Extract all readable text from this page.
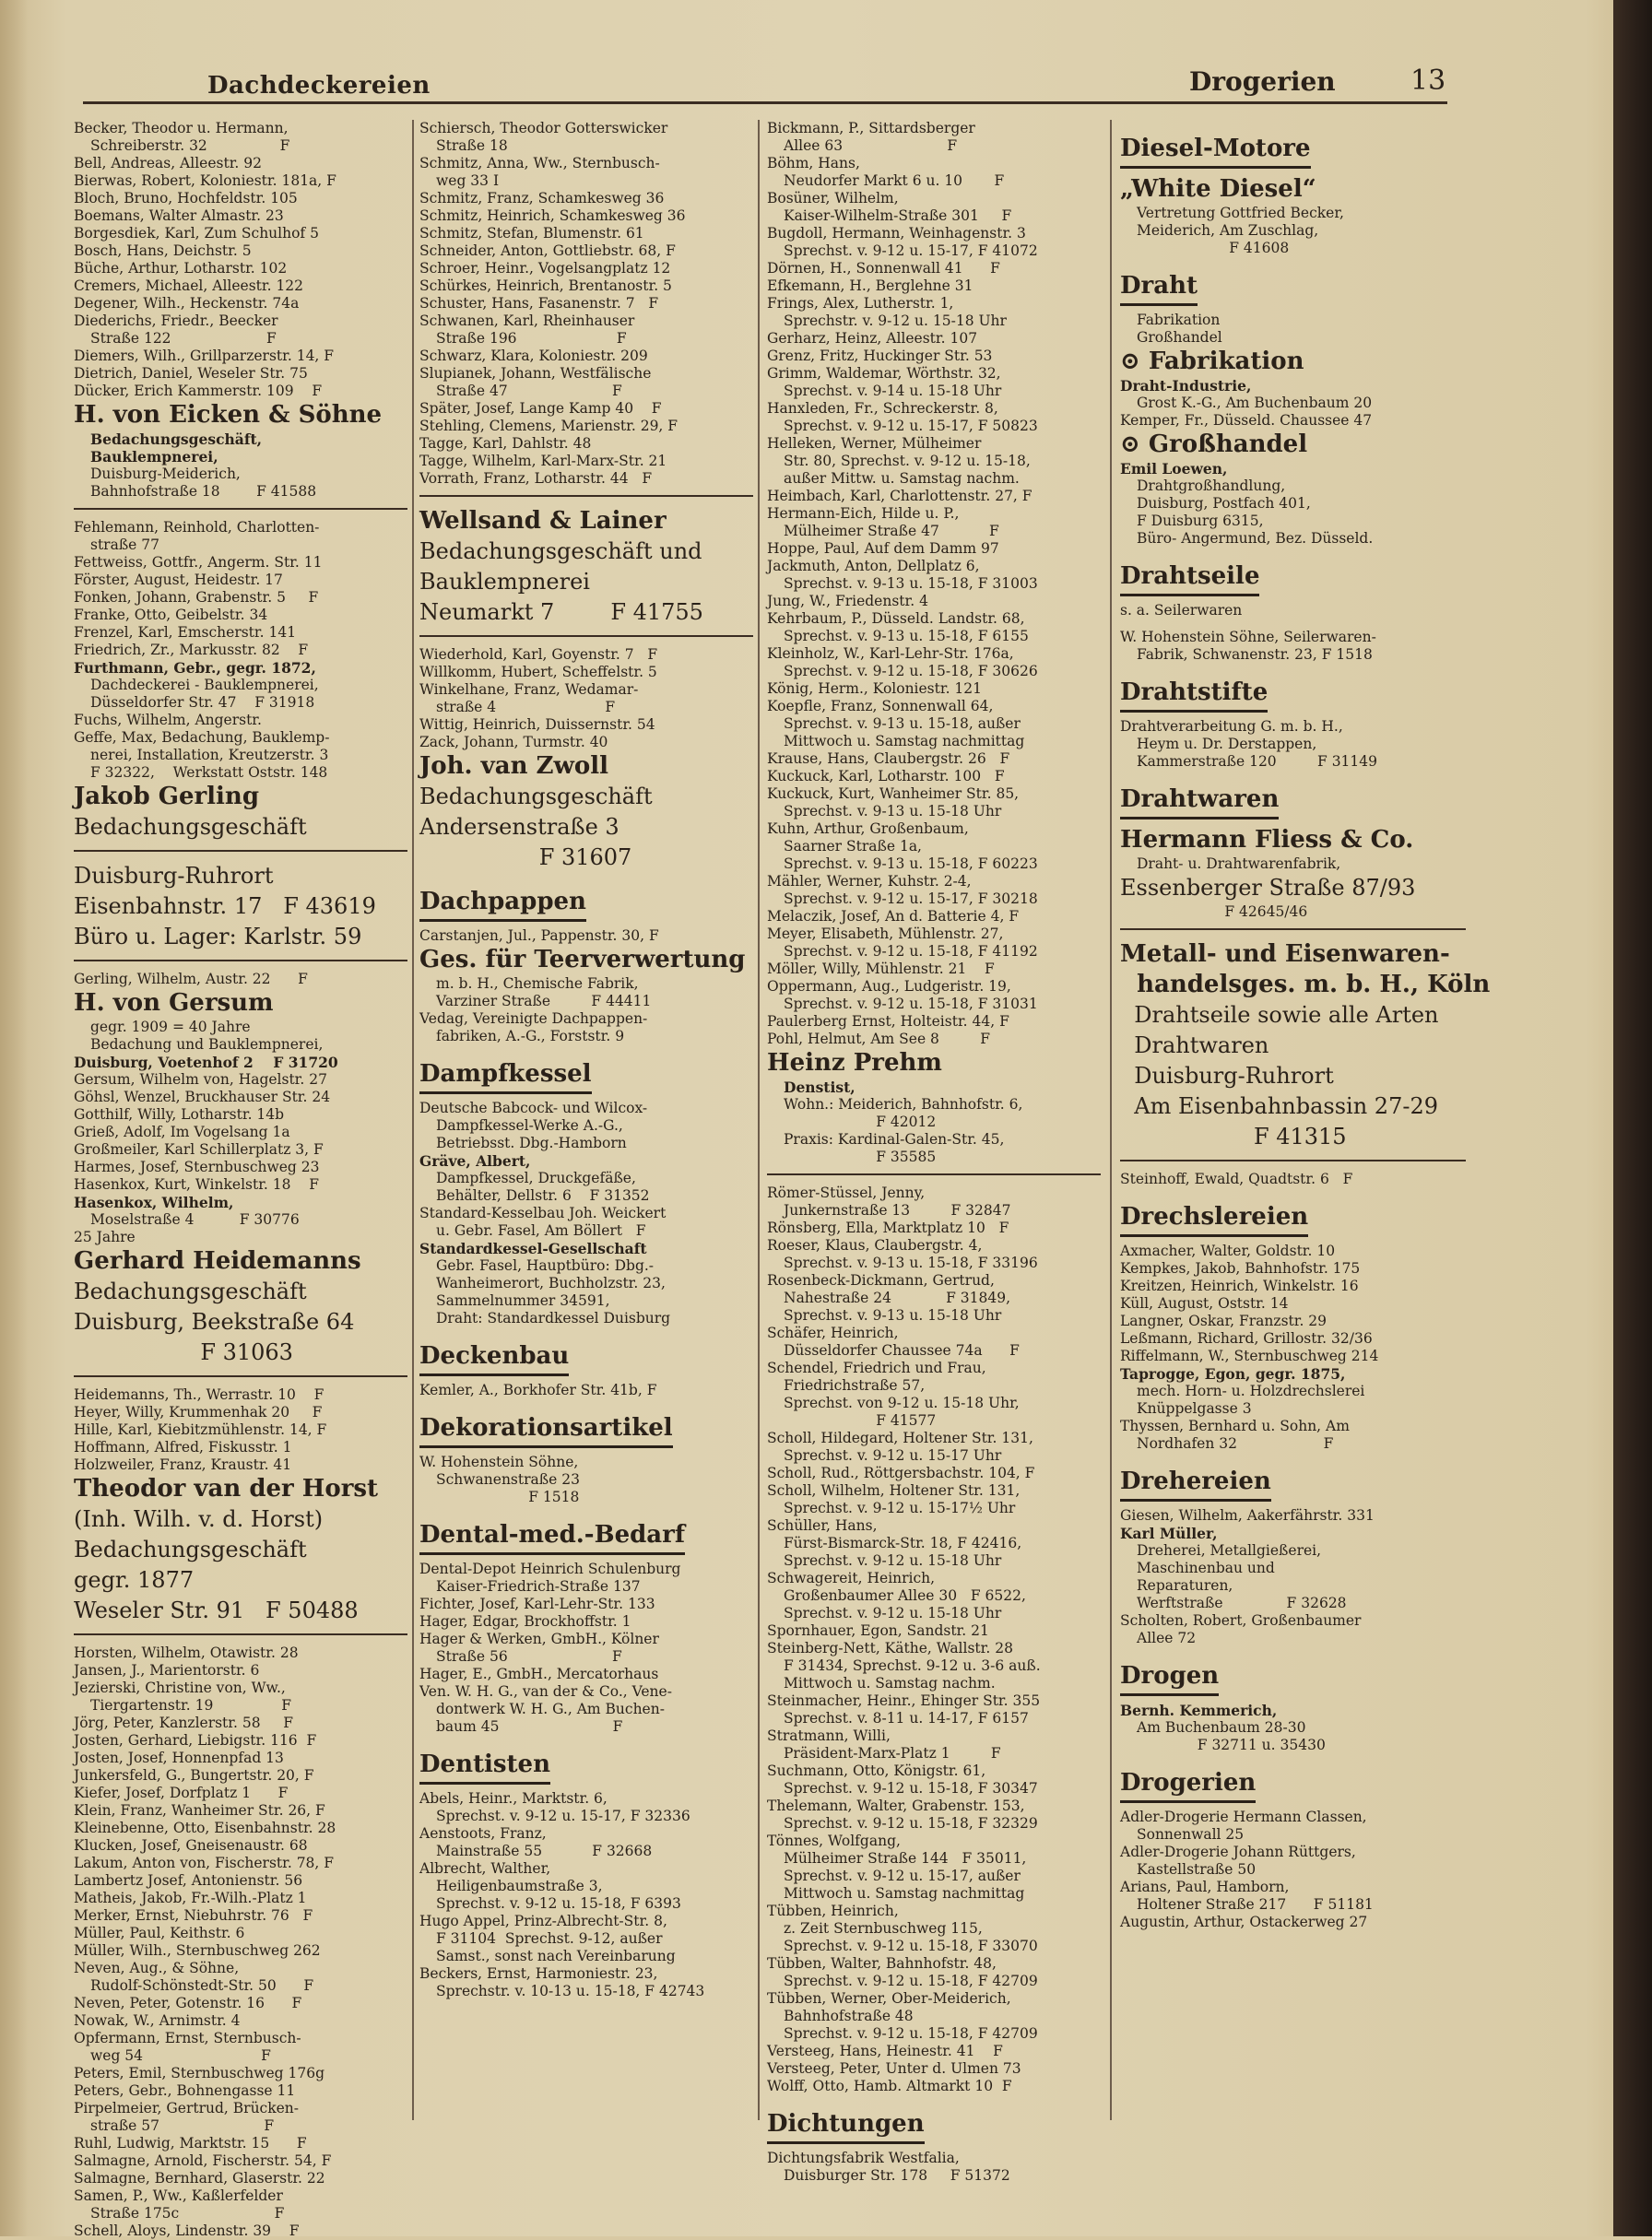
Dachdeckereien	Drogerien	13
Becker, Theodor u. Hermann,
Schreiberstr. 32                F
Bell, Andreas, Alleestr. 92
Bierwas, Robert, Koloniestr. 181a, F
Bloch, Bruno, Hochfeldstr. 105
Boemans, Walter Almastr. 23
Borgesdiek, Karl, Zum Schulhof 5
Bosch, Hans, Deichstr. 5
Büche, Arthur, Lotharstr. 102
Cremers, Michael, Alleestr. 122
Degener, Wilh., Heckenstr. 74a
Diederichs, Friedr., Beecker
Straße 122                     F
Diemers, Wilh., Grillparzerstr. 14, F
Dietrich, Daniel, Weseler Str. 75
Dücker, Erich Kammerstr. 109    F
H. von Eicken & Söhne
Bedachungsgeschäft,
Bauklempnerei,
Duisburg-Meiderich,
Bahnhofstraße 18        F 41588
Fehlemann, Reinhold, Charlotten-
straße 77
Fettweiss, Gottfr., Angerm. Str. 11
Förster, August, Heidestr. 17
Fonken, Johann, Grabenstr. 5     F
Franke, Otto, Geibelstr. 34
Frenzel, Karl, Emscherstr. 141
Friedrich, Zr., Markusstr. 82    F
Furthmann, Gebr., gegr. 1872,
Dachdeckerei - Bauklempnerei,
Düsseldorfer Str. 47    F 31918
Fuchs, Wilhelm, Angerstr.
Geffe, Max, Bedachung, Bauklemp-
nerei, Installation, Kreutzerstr. 3
F 32322,    Werkstatt Oststr. 148
Jakob Gerling
Bedachungsgeschäft
Duisburg-Ruhrort
Eisenbahnstr. 17   F 43619
Büro u. Lager: Karlstr. 59
Gerling, Wilhelm, Austr. 22      F
H. von Gersum
gegr. 1909 = 40 Jahre
Bedachung und Bauklempnerei,
Duisburg, Voetenhof 2    F 31720
Gersum, Wilhelm von, Hagelstr. 27
Göhsl, Wenzel, Bruckhauser Str. 24
Gotthilf, Willy, Lotharstr. 14b
Grieß, Adolf, Im Vogelsang 1a
Großmeiler, Karl Schillerplatz 3, F
Harmes, Josef, Sternbuschweg 23
Hasenkox, Kurt, Winkelstr. 18    F
Hasenkox, Wilhelm,
Moselstraße 4          F 30776
25 Jahre
Gerhard Heidemanns
Bedachungsgeschäft
Duisburg, Beekstraße 64
F 31063
Heidemanns, Th., Werrastr. 10    F
Heyer, Willy, Krummenhak 20     F
Hille, Karl, Kiebitzmühlenstr. 14, F
Hoffmann, Alfred, Fiskusstr. 1
Holzweiler, Franz, Kraustr. 41
Theodor van der Horst
(Inh. Wilh. v. d. Horst)
Bedachungsgeschäft
gegr. 1877
Weseler Str. 91   F 50488
Horsten, Wilhelm, Otawistr. 28
Jansen, J., Marientorstr. 6
Jezierski, Christine von, Ww.,
Tiergartenstr. 19               F
Jörg, Peter, Kanzlerstr. 58     F
Josten, Gerhard, Liebigstr. 116  F
Josten, Josef, Honnenpfad 13
Junkersfeld, G., Bungertstr. 20, F
Kiefer, Josef, Dorfplatz 1      F
Klein, Franz, Wanheimer Str. 26, F
Kleinebenne, Otto, Eisenbahnstr. 28
Klucken, Josef, Gneisenaustr. 68
Lakum, Anton von, Fischerstr. 78, F
Lambertz Josef, Antonienstr. 56
Matheis, Jakob, Fr.-Wilh.-Platz 1
Merker, Ernst, Niebuhrstr. 76   F
Müller, Paul, Keithstr. 6
Müller, Wilh., Sternbuschweg 262
Neven, Aug., & Söhne,
Rudolf-Schönstedt-Str. 50      F
Neven, Peter, Gotenstr. 16      F
Nowak, W., Arnimstr. 4
Opfermann, Ernst, Sternbusch-
weg 54                          F
Peters, Emil, Sternbuschweg 176g
Peters, Gebr., Bohnengasse 11
Pirpelmeier, Gertrud, Brücken-
straße 57                       F
Ruhl, Ludwig, Marktstr. 15      F
Salmagne, Arnold, Fischerstr. 54, F
Salmagne, Bernhard, Glaserstr. 22
Samen, P., Ww., Kaßlerfelder
Straße 175c                     F
Schell, Aloys, Lindenstr. 39    F
Schiersch, Theodor Gotterswicker
Straße 18
Schmitz, Anna, Ww., Sternbusch-
weg 33 I
Schmitz, Franz, Schamkesweg 36
Schmitz, Heinrich, Schamkesweg 36
Schmitz, Stefan, Blumenstr. 61
Schneider, Anton, Gottliebstr. 68, F
Schroer, Heinr., Vogelsangplatz 12
Schürkes, Heinrich, Brentanostr. 5
Schuster, Hans, Fasanenstr. 7   F
Schwanen, Karl, Rheinhauser
Straße 196                      F
Schwarz, Klara, Koloniestr. 209
Slupianek, Johann, Westfälische
Straße 47                       F
Später, Josef, Lange Kamp 40    F
Stehling, Clemens, Marienstr. 29, F
Tagge, Karl, Dahlstr. 48
Tagge, Wilhelm, Karl-Marx-Str. 21
Vorrath, Franz, Lotharstr. 44   F
Wellsand & Lainer
Bedachungsgeschäft und
Bauklempnerei
Neumarkt 7        F 41755
Wiederhold, Karl, Goyenstr. 7   F
Willkomm, Hubert, Scheffelstr. 5
Winkelhane, Franz, Wedamar-
straße 4                        F
Wittig, Heinrich, Duissernstr. 54
Zack, Johann, Turmstr. 40
Joh. van Zwoll
Bedachungsgeschäft
Andersenstraße 3
F 31607
Dachpappen
Carstanjen, Jul., Pappenstr. 30, F
Ges. für Teerverwertung
m. b. H., Chemische Fabrik,
Varziner Straße         F 44411
Vedag, Vereinigte Dachpappen-
fabriken, A.-G., Forststr. 9
Dampfkessel
Deutsche Babcock- und Wilcox-
Dampfkessel-Werke A.-G.,
Betriebsst. Dbg.-Hamborn
Gräve, Albert,
Dampfkessel, Druckgefäße,
Behälter, Dellstr. 6    F 31352
Standard-Kesselbau Joh. Weickert
u. Gebr. Fasel, Am Böllert   F
Standardkessel-Gesellschaft
Gebr. Fasel, Hauptbüro: Dbg.-
Wanheimerort, Buchholzstr. 23,
Sammelnummer 34591,
Draht: Standardkessel Duisburg
Deckenbau
Kemler, A., Borkhofer Str. 41b, F
Dekorationsartikel
W. Hohenstein Söhne,
Schwanenstraße 23
F 1518
Dental-med.-Bedarf
Dental-Depot Heinrich Schulenburg
Kaiser-Friedrich-Straße 137
Fichter, Josef, Karl-Lehr-Str. 133
Hager, Edgar, Brockhoffstr. 1
Hager & Werken, GmbH., Kölner
Straße 56                       F
Hager, E., GmbH., Mercatorhaus
Ven. W. H. G., van der & Co., Vene-
dontwerk W. H. G., Am Buchen-
baum 45                         F
Dentisten
Abels, Heinr., Marktstr. 6,
Sprechst. v. 9-12 u. 15-17, F 32336
Aenstoots, Franz,
Mainstraße 55           F 32668
Albrecht, Walther,
Heiligenbaumstraße 3,
Sprechst. v. 9-12 u. 15-18, F 6393
Hugo Appel, Prinz-Albrecht-Str. 8,
F 31104  Sprechst. 9-12, außer
Samst., sonst nach Vereinbarung
Beckers, Ernst, Harmoniestr. 23,
Sprechstr. v. 10-13 u. 15-18, F 42743
Bickmann, P., Sittardsberger
Allee 63                       F
Böhm, Hans,
Neudorfer Markt 6 u. 10       F
Bosüner, Wilhelm,
Kaiser-Wilhelm-Straße 301     F
Bugdoll, Hermann, Weinhagenstr. 3
Sprechst. v. 9-12 u. 15-17, F 41072
Dörnen, H., Sonnenwall 41      F
Efkemann, H., Berglehne 31
Frings, Alex, Lutherstr. 1,
Sprechstr. v. 9-12 u. 15-18 Uhr
Gerharz, Heinz, Alleestr. 107
Grenz, Fritz, Huckinger Str. 53
Grimm, Waldemar, Wörthstr. 32,
Sprechst. v. 9-14 u. 15-18 Uhr
Hanxleden, Fr., Schreckerstr. 8,
Sprechst. v. 9-12 u. 15-17, F 50823
Helleken, Werner, Mülheimer
Str. 80, Sprechst. v. 9-12 u. 15-18,
außer Mittw. u. Samstag nachm.
Heimbach, Karl, Charlottenstr. 27, F
Hermann-Eich, Hilde u. P.,
Mülheimer Straße 47           F
Hoppe, Paul, Auf dem Damm 97
Jackmuth, Anton, Dellplatz 6,
Sprechst. v. 9-13 u. 15-18, F 31003
Jung, W., Friedenstr. 4
Kehrbaum, P., Düsseld. Landstr. 68,
Sprechst. v. 9-13 u. 15-18, F 6155
Kleinholz, W., Karl-Lehr-Str. 176a,
Sprechst. v. 9-12 u. 15-18, F 30626
König, Herm., Koloniestr. 121
Koepfle, Franz, Sonnenwall 64,
Sprechst. v. 9-13 u. 15-18, außer
Mittwoch u. Samstag nachmittag
Krause, Hans, Claubergstr. 26   F
Kuckuck, Karl, Lotharstr. 100   F
Kuckuck, Kurt, Wanheimer Str. 85,
Sprechst. v. 9-13 u. 15-18 Uhr
Kuhn, Arthur, Großenbaum,
Saarner Straße 1a,
Sprechst. v. 9-13 u. 15-18, F 60223
Mähler, Werner, Kuhstr. 2-4,
Sprechst. v. 9-12 u. 15-17, F 30218
Melaczik, Josef, An d. Batterie 4, F
Meyer, Elisabeth, Mühlenstr. 27,
Sprechst. v. 9-12 u. 15-18, F 41192
Möller, Willy, Mühlenstr. 21    F
Oppermann, Aug., Ludgeristr. 19,
Sprechst. v. 9-12 u. 15-18, F 31031
Paulerberg Ernst, Holteistr. 44, F
Pohl, Helmut, Am See 8         F
Heinz Prehm
Denstist,
Wohn.: Meiderich, Bahnhofstr. 6,
F 42012
Praxis: Kardinal-Galen-Str. 45,
F 35585
Römer-Stüssel, Jenny,
Junkernstraße 13         F 32847
Rönsberg, Ella, Marktplatz 10   F
Roeser, Klaus, Claubergstr. 4,
Sprechst. v. 9-13 u. 15-18, F 33196
Rosenbeck-Dickmann, Gertrud,
Nahestraße 24            F 31849,
Sprechst. v. 9-13 u. 15-18 Uhr
Schäfer, Heinrich,
Düsseldorfer Chaussee 74a      F
Schendel, Friedrich und Frau,
Friedrichstraße 57,
Sprechst. von 9-12 u. 15-18 Uhr,
F 41577
Scholl, Hildegard, Holtener Str. 131,
Sprechst. v. 9-12 u. 15-17 Uhr
Scholl, Rud., Röttgersbachstr. 104, F
Scholl, Wilhelm, Holtener Str. 131,
Sprechst. v. 9-12 u. 15-17½ Uhr
Schüller, Hans,
Fürst-Bismarck-Str. 18, F 42416,
Sprechst. v. 9-12 u. 15-18 Uhr
Schwagereit, Heinrich,
Großenbaumer Allee 30   F 6522,
Sprechst. v. 9-12 u. 15-18 Uhr
Spornhauer, Egon, Sandstr. 21
Steinberg-Nett, Käthe, Wallstr. 28
F 31434, Sprechst. 9-12 u. 3-6 auß.
Mittwoch u. Samstag nachm.
Steinmacher, Heinr., Ehinger Str. 355
Sprechst. v. 8-11 u. 14-17, F 6157
Stratmann, Willi,
Präsident-Marx-Platz 1         F
Suchmann, Otto, Königstr. 61,
Sprechst. v. 9-12 u. 15-18, F 30347
Thelemann, Walter, Grabenstr. 153,
Sprechst. v. 9-12 u. 15-18, F 32329
Tönnes, Wolfgang,
Mülheimer Straße 144   F 35011,
Sprechst. v. 9-12 u. 15-17, außer
Mittwoch u. Samstag nachmittag
Tübben, Heinrich,
z. Zeit Sternbuschweg 115,
Sprechst. v. 9-12 u. 15-18, F 33070
Tübben, Walter, Bahnhofstr. 48,
Sprechst. v. 9-12 u. 15-18, F 42709
Tübben, Werner, Ober-Meiderich,
Bahnhofstraße 48
Sprechst. v. 9-12 u. 15-18, F 42709
Versteeg, Hans, Heinestr. 41    F
Versteeg, Peter, Unter d. Ulmen 73
Wolff, Otto, Hamb. Altmarkt 10  F
Dichtungen
Dichtungsfabrik Westfalia,
Duisburger Str. 178     F 51372
Diesel-Motore
„White Diesel“
Vertretung Gottfried Becker,
Meiderich, Am Zuschlag,
F 41608
Draht
Fabrikation
Großhandel
⊙ Fabrikation
Draht-Industrie,
Grost K.-G., Am Buchenbaum 20
Kemper, Fr., Düsseld. Chaussee 47
⊙ Großhandel
Emil Loewen,
Drahtgroßhandlung,
Duisburg, Postfach 401,
F Duisburg 6315,
Büro- Angermund, Bez. Düsseld.
Drahtseile
s. a. Seilerwaren
W. Hohenstein Söhne, Seilerwaren-
Fabrik, Schwanenstr. 23, F 1518
Drahtstifte
Drahtverarbeitung G. m. b. H.,
Heym u. Dr. Derstappen,
Kammerstraße 120         F 31149
Drahtwaren
Hermann Fliess & Co.
Draht- u. Drahtwarenfabrik,
Essenberger Straße 87/93
F 42645/46
Metall- und Eisenwaren-
handelsges. m. b. H., Köln
Drahtseile sowie alle Arten
Drahtwaren
Duisburg-Ruhrort
Am Eisenbahnbassin 27-29
F 41315
Steinhoff, Ewald, Quadtstr. 6   F
Drechslereien
Axmacher, Walter, Goldstr. 10
Kempkes, Jakob, Bahnhofstr. 175
Kreitzen, Heinrich, Winkelstr. 16
Küll, August, Oststr. 14
Langner, Oskar, Franzstr. 29
Leßmann, Richard, Grillostr. 32/36
Riffelmann, W., Sternbuschweg 214
Taprogge, Egon, gegr. 1875,
mech. Horn- u. Holzdrechslerei
Knüppelgasse 3
Thyssen, Bernhard u. Sohn, Am
Nordhafen 32                   F
Drehereien
Giesen, Wilhelm, Aakerfährstr. 331
Karl Müller,
Dreherei, Metallgießerei,
Maschinenbau und
Reparaturen,
Werftstraße              F 32628
Scholten, Robert, Großenbaumer
Allee 72
Drogen
Bernh. Kemmerich,
Am Buchenbaum 28-30
F 32711 u. 35430
Drogerien
Adler-Drogerie Hermann Classen,
Sonnenwall 25
Adler-Drogerie Johann Rüttgers,
Kastellstraße 50
Arians, Paul, Hamborn,
Holtener Straße 217      F 51181
Augustin, Arthur, Ostackerweg 27
